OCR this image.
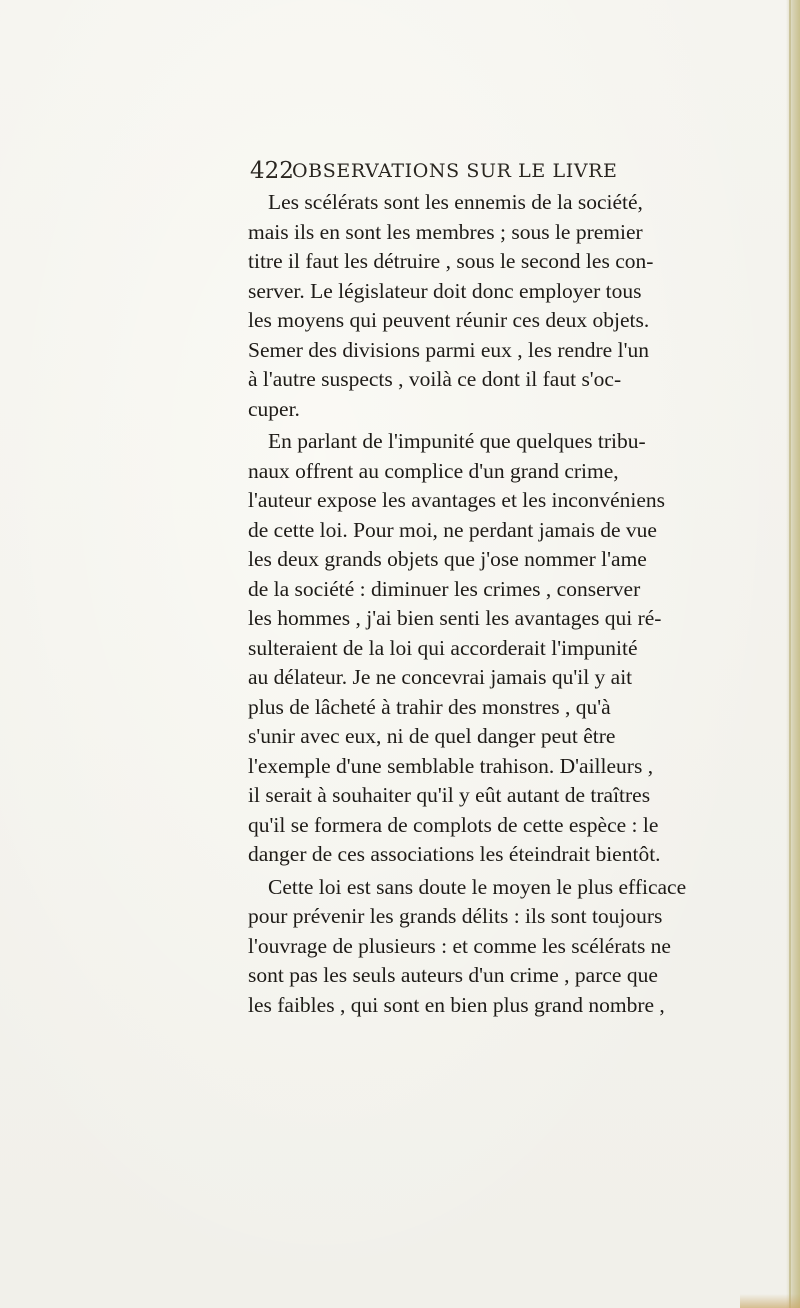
422
OBSERVATIONS SUR LE LIVRE
Les scélérats sont les ennemis de la société,
mais ils en sont les membres ; sous le premier
titre il faut les détruire , sous le second les con-
server. Le législateur doit donc employer tous
les moyens qui peuvent réunir ces deux objets.
Semer des divisions parmi eux , les rendre l'un
à l'autre suspects , voilà ce dont il faut s'oc-
cuper.
En parlant de l'impunité que quelques tribu-
naux offrent au complice d'un grand crime,
l'auteur expose les avantages et les inconvéniens
de cette loi. Pour moi, ne perdant jamais de vue
les deux grands objets que j'ose nommer l'ame
de la société : diminuer les crimes , conserver
les hommes , j'ai bien senti les avantages qui ré-
sulteraient de la loi qui accorderait l'impunité
au délateur. Je ne concevrai jamais qu'il y ait
plus de lâcheté à trahir des monstres , qu'à
s'unir avec eux, ni de quel danger peut être
l'exemple d'une semblable trahison. D'ailleurs ,
il serait à souhaiter qu'il y eût autant de traîtres
qu'il se formera de complots de cette espèce : le
danger de ces associations les éteindrait bientôt.
Cette loi est sans doute le moyen le plus efficace
pour prévenir les grands délits : ils sont toujours
l'ouvrage de plusieurs : et comme les scélérats ne
sont pas les seuls auteurs d'un crime , parce que
les faibles , qui sont en bien plus grand nombre ,
